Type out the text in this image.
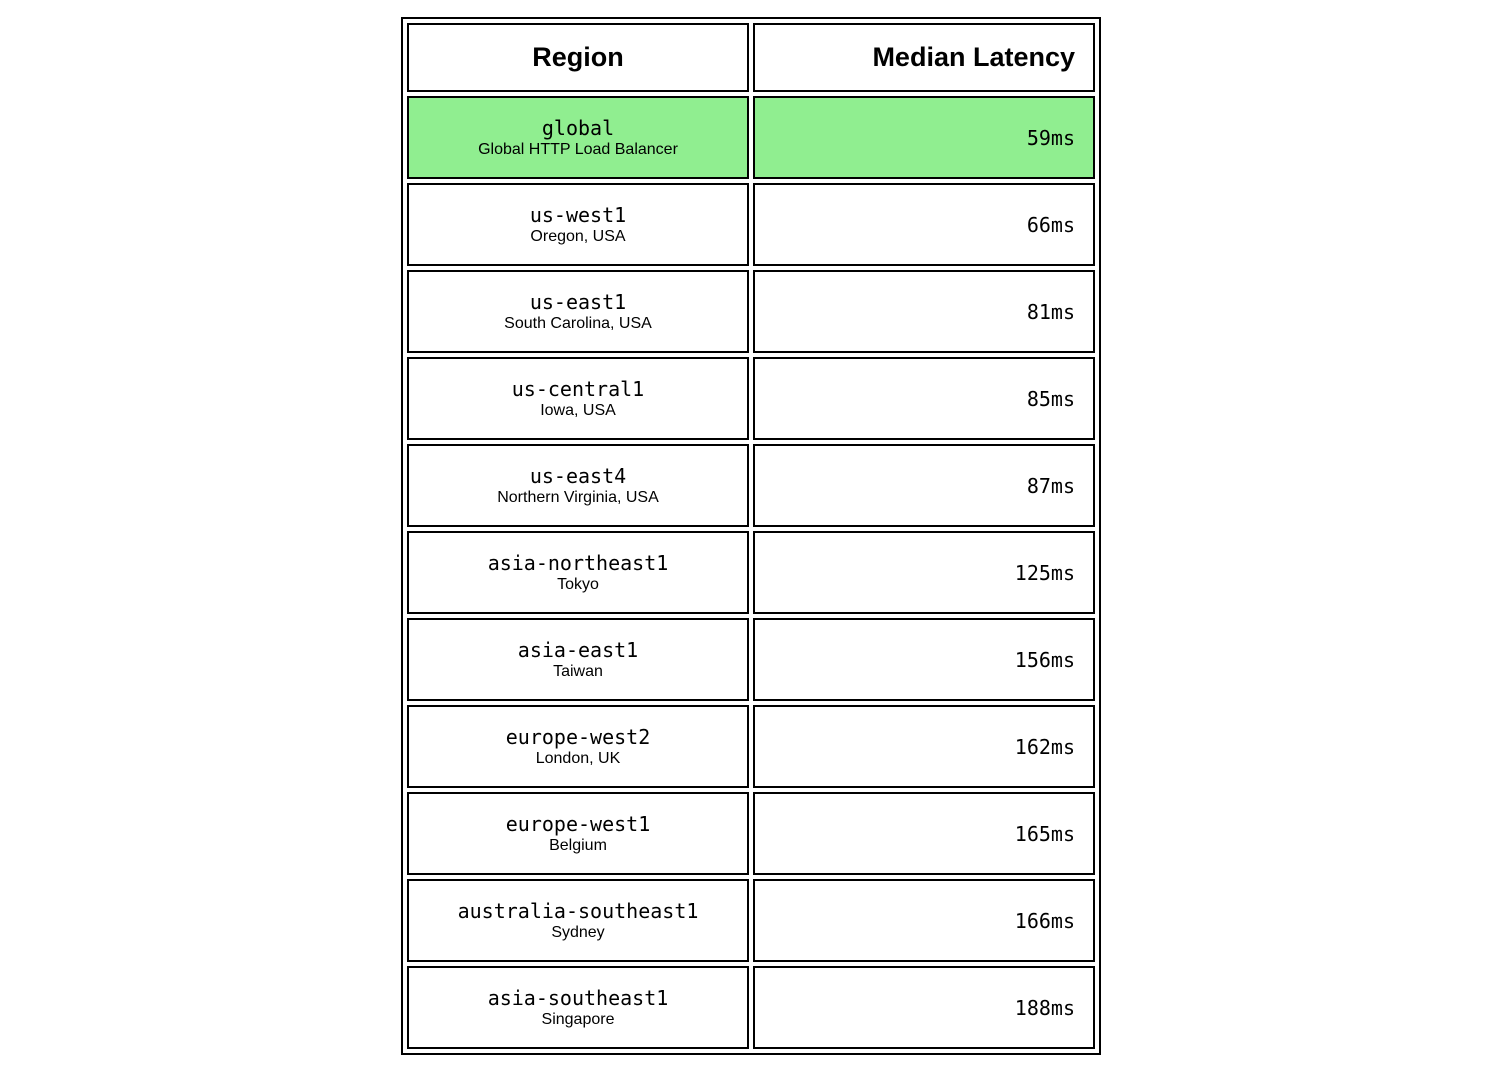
Region	Median Latency

global
Global HTTP Load Balancer	59ms

us-west1
Oregon, USA	66ms

us-east1
South Carolina, USA	81ms

us-central1
Iowa, USA	85ms

us-east4
Northern Virginia, USA	87ms

asia-northeast1
Tokyo	125ms

asia-east1
Taiwan	156ms

europe-west2
London, UK	162ms

europe-west1
Belgium	165ms

australia-southeast1
Sydney	166ms

asia-southeast1
Singapore	188ms
